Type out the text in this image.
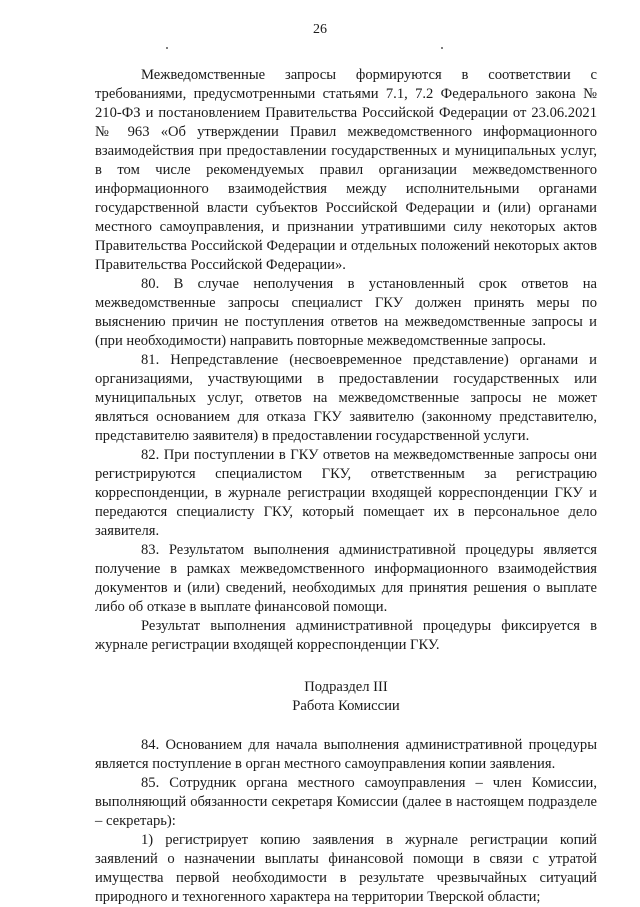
26

Межведомственные запросы формируются в соответствии с требованиями, предусмотренными статьями 7.1, 7.2 Федерального закона № 210-ФЗ и постановлением Правительства Российской Федерации от 23.06.2021 № 963 «Об утверждении Правил межведомственного информационного взаимодействия при предоставлении государственных и муниципальных услуг, в том числе рекомендуемых правил организации межведомственного информационного взаимодействия между исполнительными органами государственной власти субъектов Российской Федерации и (или) органами местного самоуправления, и признании утратившими силу некоторых актов Правительства Российской Федерации и отдельных положений некоторых актов Правительства Российской Федерации».

80. В случае неполучения в установленный срок ответов на межведомственные запросы специалист ГКУ должен принять меры по выяснению причин не поступления ответов на межведомственные запросы и (при необходимости) направить повторные межведомственные запросы.

81. Непредставление (несвоевременное представление) органами и организациями, участвующими в предоставлении государственных или муниципальных услуг, ответов на межведомственные запросы не может являться основанием для отказа ГКУ заявителю (законному представителю, представителю заявителя) в предоставлении государственной услуги.

82. При поступлении в ГКУ ответов на межведомственные запросы они регистрируются специалистом ГКУ, ответственным за регистрацию корреспонденции, в журнале регистрации входящей корреспонденции ГКУ и передаются специалисту ГКУ, который помещает их в персональное дело заявителя.

83. Результатом выполнения административной процедуры является получение в рамках межведомственного информационного взаимодействия документов и (или) сведений, необходимых для принятия решения о выплате либо об отказе в выплате финансовой помощи.

Результат выполнения административной процедуры фиксируется в журнале регистрации входящей корреспонденции ГКУ.

Подраздел III

Работа Комиссии

84. Основанием для начала выполнения административной процедуры является поступление в орган местного самоуправления копии заявления.

85. Сотрудник органа местного самоуправления – член Комиссии, выполняющий обязанности секретаря Комиссии (далее в настоящем подразделе – секретарь):

1) регистрирует копию заявления в журнале регистрации копий заявлений о назначении выплаты финансовой помощи в связи с утратой имущества первой необходимости в результате чрезвычайных ситуаций природного и техногенного характера на территории Тверской области;
